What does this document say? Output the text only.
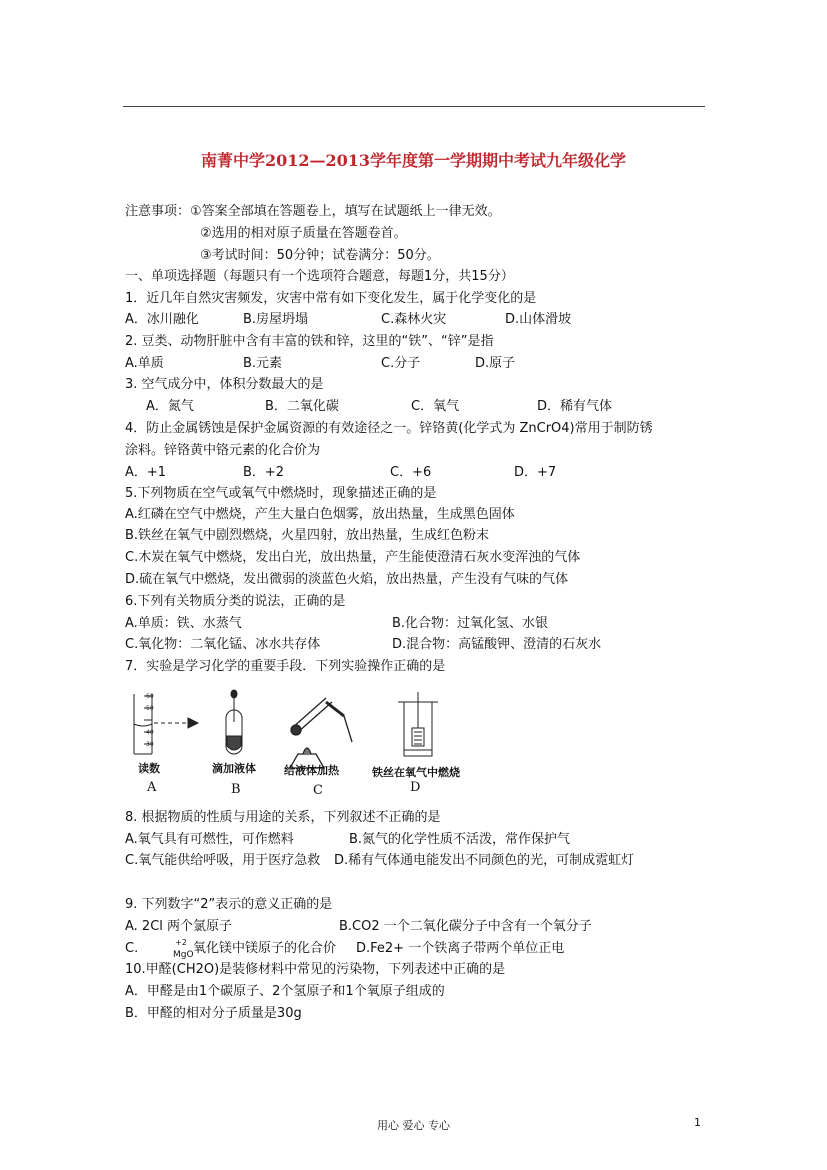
南菁中学2012—2013学年度第一学期期中考试九年级化学
注意事项：①答案全部填在答题卷上，填写在试题纸上一律无效。
②选用的相对原子质量在答题卷首。
③考试时间：50分钟；试卷满分：50分。
一、单项选择题（每题只有一个选项符合题意，每题1分，共15分）
1．近几年自然灾害频发，灾害中常有如下变化发生，属于化学变化的是
A．冰川融化	B.房屋坍塌	C.森林火灾	D.山体滑坡
2. 豆类、动物肝脏中含有丰富的铁和锌，这里的“铁”、“锌”是指
A.单质	B.元素	C.分子	D.原子
3. 空气成分中，体积分数最大的是
A．氮气	B．二氧化碳	C．氧气	D．稀有气体
4．防止金属锈蚀是保护金属资源的有效途径之一。锌铬黄(化学式为 ZnCrO4)常用于制防锈
涂料。锌铬黄中铬元素的化合价为
A．+1	B．+2	C．+6	D．+7
5.下列物质在空气或氧气中燃烧时，现象描述正确的是
A.红磷在空气中燃烧，产生大量白色烟雾，放出热量，生成黑色固体
B.铁丝在氧气中剧烈燃烧，火星四射，放出热量，生成红色粉末
C.木炭在氧气中燃烧，发出白光，放出热量，产生能使澄清石灰水变浑浊的气体
D.硫在氧气中燃烧，发出微弱的淡蓝色火焰，放出热量，产生没有气味的气体
6.下列有关物质分类的说法，正确的是
A.单质：铁、水蒸气	B.化合物：过氧化氢、水银
C.氧化物：二氧化锰、冰水共存体	D.混合物：高锰酸钾、澄清的石灰水
7．实验是学习化学的重要手段．下列实验操作正确的是
60
50
40
30
读数	滴加液体	给液体加热	铁丝在氧气中燃烧
A	B	C	D
8. 根据物质的性质与用途的关系，下列叙述不正确的是
A.氧气具有可燃性，可作燃料	B.氮气的化学性质不活泼，常作保护气
C.氧气能供给呼吸，用于医疗急救 D.稀有气体通电能发出不同颜色的光，可制成霓虹灯
9. 下列数字“2”表示的意义正确的是
A. 2Cl 两个氯原子	B.CO2 一个二氧化碳分子中含有一个氧分子
C.	+2
MgO 氧化镁中镁原子的化合价 D.Fe2+ 一个铁离子带两个单位正电
10.甲醛(CH2O)是装修材料中常见的污染物，下列表述中正确的是
A．甲醛是由1个碳原子、2个氢原子和1个氧原子组成的
B．甲醛的相对分子质量是30g
用心 爱心 专心	1
